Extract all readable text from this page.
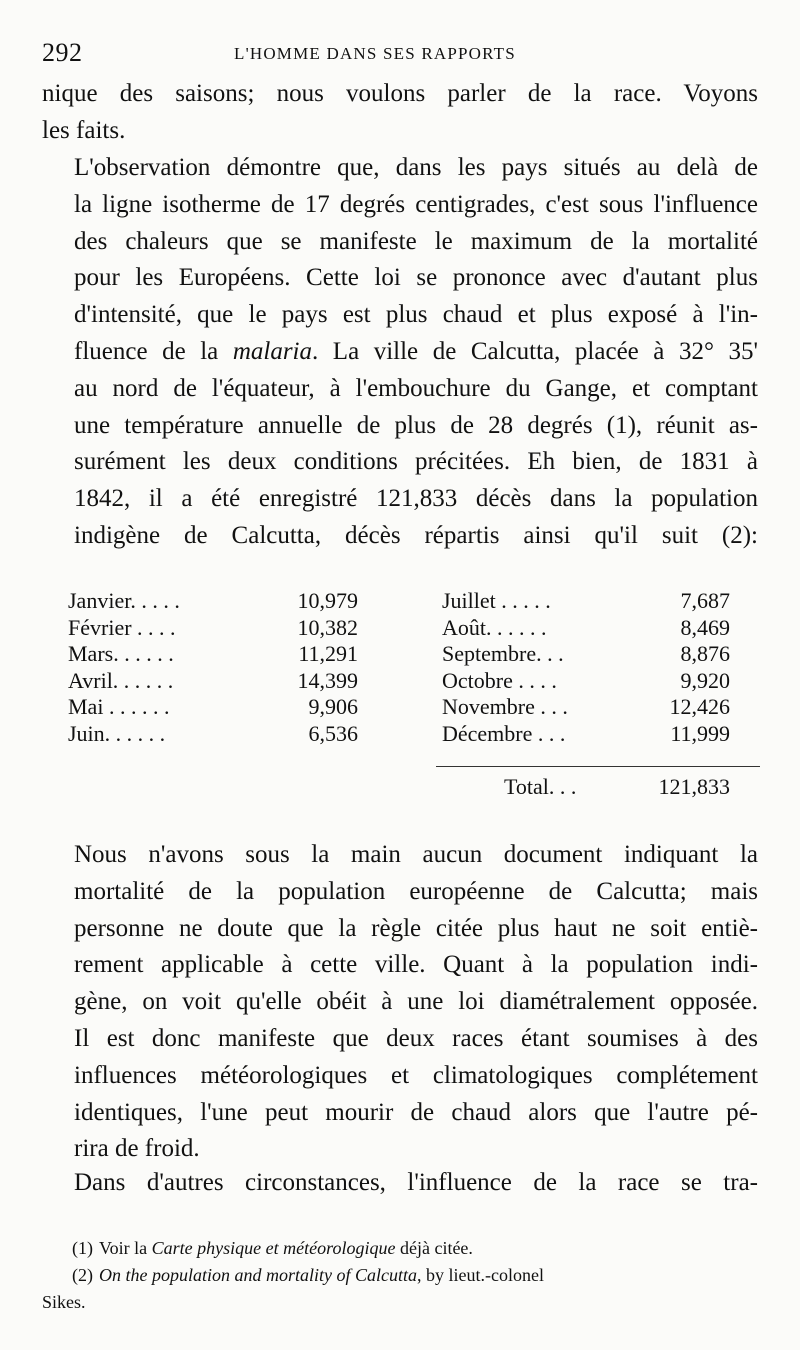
292	L'HOMME DANS SES RAPPORTS
nique des saisons; nous voulons parler de la race. Voyons
les faits.
L'observation démontre que, dans les pays situés au delà de
la ligne isotherme de 17 degrés centigrades, c'est sous l'influence
des chaleurs que se manifeste le maximum de la mortalité
pour les Européens. Cette loi se prononce avec d'autant plus
d'intensité, que le pays est plus chaud et plus exposé à l'in-
fluence de la malaria. La ville de Calcutta, placée à 32° 35'
au nord de l'équateur, à l'embouchure du Gange, et comptant
une température annuelle de plus de 28 degrés (1), réunit as-
surément les deux conditions précitées. Eh bien, de 1831 à
1842, il a été enregistré 121,833 décès dans la population
indigène de Calcutta, décès répartis ainsi qu'il suit (2):
Janvier. . . . .	10,979	Juillet . . . . .	7,687
Février . . . .	10,382	Août. . . . . .	8,469
Mars. . . . . .	11,291	Septembre. . .	8,876
Avril. . . . . .	14,399	Octobre . . . .	9,920
Mai . . . . . .	9,906	Novembre . . .	12,426
Juin. . . . . .	6,536	Décembre . . .	11,999
Total. . .	121,833
Nous n'avons sous la main aucun document indiquant la
mortalité de la population européenne de Calcutta; mais
personne ne doute que la règle citée plus haut ne soit entiè-
rement applicable à cette ville. Quant à la population indi-
gène, on voit qu'elle obéit à une loi diamétralement opposée.
Il est donc manifeste que deux races étant soumises à des
influences météorologiques et climatologiques complétement
identiques, l'une peut mourir de chaud alors que l'autre pé-
rira de froid.
Dans d'autres circonstances, l'influence de la race se tra-

(1) Voir la Carte physique et météorologique déjà citée.

(2) On the population and mortality of Calcutta, by lieut.-colonel

Sikes.
